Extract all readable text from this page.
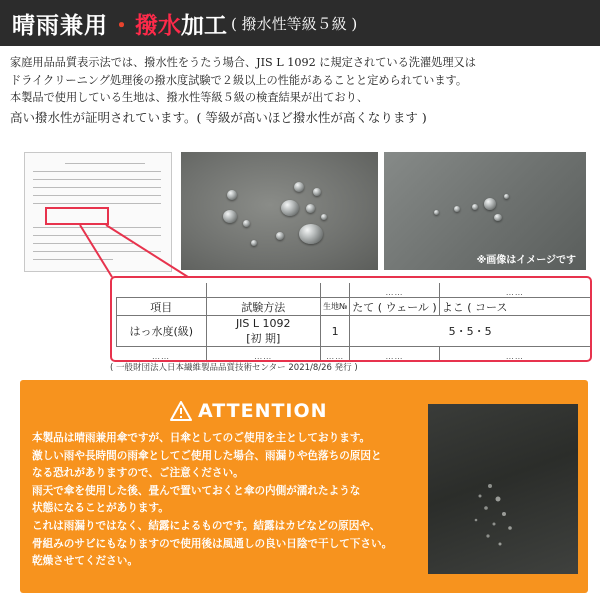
晴雨兼用 ・ 撥水 加工 ( 撥水性等級５級 )

家庭用品品質表示法では、撥水性をうたう場合、JIS L 1092 に規定されている洗濯処理又は

ドライクリーニング処理後の撥水度試験で２級以上の性能があることと定められています。

本製品で使用している生地は、撥水性等級５級の検査結果が出ており、

高い撥水性が証明されています。( 等級が高いほど撥水性が高くなります )

※画像はイメージです
			……	……
項目	試験方法	生地№	たて ( ウェール )	よこ ( コース
はっ水度(級)	JIS L 1092	1	5・5・5	
	[初 期]			
……	……	……	……	……
( 一般財団法人日本繊維製品品質技術センター 2021/8/26 発行 )
ATTENTION

本製品は晴雨兼用傘ですが、日傘としてのご使用を主としております。

激しい雨や長時間の雨傘としてご使用した場合、雨漏りや色落ちの原因と

なる恐れがありますので、ご注意ください。

雨天で傘を使用した後、畳んで置いておくと傘の内側が濡れたような

状態になることがあります。

これは雨漏りではなく、結露によるものです。結露はカビなどの原因や、

骨組みのサビにもなりますので使用後は風通しの良い日陰で干して下さい。

乾燥させてください。
